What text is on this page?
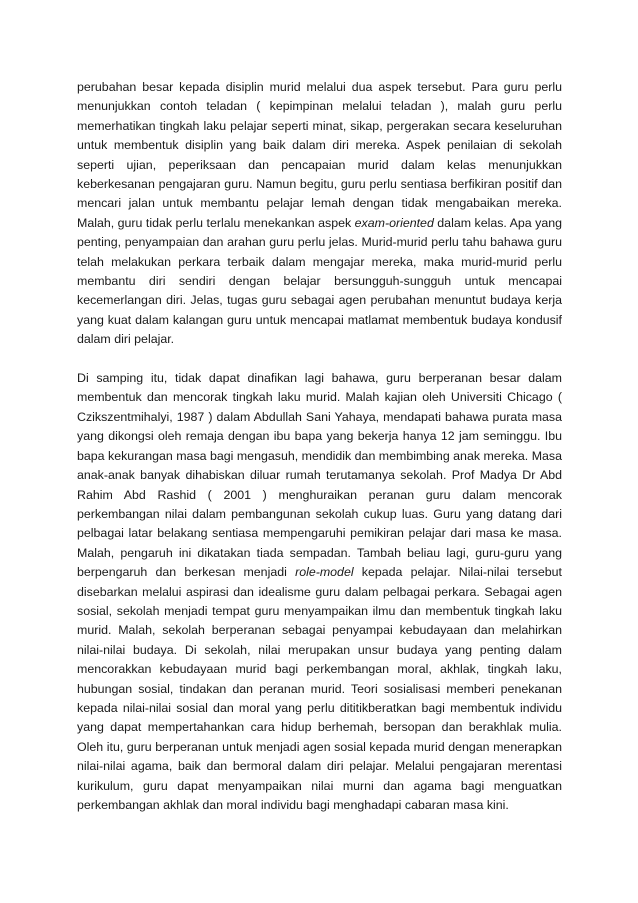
perubahan besar kepada disiplin murid melalui dua aspek tersebut. Para guru perlu menunjukkan contoh teladan ( kepimpinan melalui teladan ), malah guru perlu memerhatikan tingkah laku pelajar seperti minat, sikap, pergerakan secara keseluruhan untuk membentuk disiplin yang baik dalam diri mereka. Aspek penilaian di sekolah seperti ujian, peperiksaan dan pencapaian murid dalam kelas menunjukkan keberkesanan pengajaran guru. Namun begitu, guru perlu sentiasa berfikiran positif dan mencari jalan untuk membantu pelajar lemah dengan tidak mengabaikan mereka. Malah, guru tidak perlu terlalu menekankan aspek exam-oriented dalam kelas. Apa yang penting, penyampaian dan arahan guru perlu jelas. Murid-murid perlu tahu bahawa guru telah melakukan perkara terbaik dalam mengajar mereka, maka murid-murid perlu membantu diri sendiri dengan belajar bersungguh-sungguh untuk mencapai kecemerlangan diri. Jelas, tugas guru sebagai agen perubahan menuntut budaya kerja yang kuat dalam kalangan guru untuk mencapai matlamat membentuk budaya kondusif dalam diri pelajar.

Di samping itu, tidak dapat dinafikan lagi bahawa, guru berperanan besar dalam membentuk dan mencorak tingkah laku murid. Malah kajian oleh Universiti Chicago ( Czikszentmihalyi, 1987 ) dalam Abdullah Sani Yahaya, mendapati bahawa purata masa yang dikongsi oleh remaja dengan ibu bapa yang bekerja hanya 12 jam seminggu. Ibu bapa kekurangan masa bagi mengasuh, mendidik dan membimbing anak mereka. Masa anak-anak banyak dihabiskan diluar rumah terutamanya sekolah. Prof Madya Dr Abd Rahim Abd Rashid ( 2001 ) menghuraikan peranan guru dalam mencorak perkembangan nilai dalam pembangunan sekolah cukup luas. Guru yang datang dari pelbagai latar belakang sentiasa mempengaruhi pemikiran pelajar dari masa ke masa. Malah, pengaruh ini dikatakan tiada sempadan. Tambah beliau lagi, guru-guru yang berpengaruh dan berkesan menjadi role-model kepada pelajar. Nilai-nilai tersebut disebarkan melalui aspirasi dan idealisme guru dalam pelbagai perkara. Sebagai agen sosial, sekolah menjadi tempat guru menyampaikan ilmu dan membentuk tingkah laku murid. Malah, sekolah berperanan sebagai penyampai kebudayaan dan melahirkan nilai-nilai budaya. Di sekolah, nilai merupakan unsur budaya yang penting dalam mencorakkan kebudayaan murid bagi perkembangan moral, akhlak, tingkah laku, hubungan sosial, tindakan dan peranan murid. Teori sosialisasi memberi penekanan kepada nilai-nilai sosial dan moral yang perlu dititikberatkan bagi membentuk individu yang dapat mempertahankan cara hidup berhemah, bersopan dan berakhlak mulia. Oleh itu, guru berperanan untuk menjadi agen sosial kepada murid dengan menerapkan nilai-nilai agama, baik dan bermoral dalam diri pelajar. Melalui pengajaran merentasi kurikulum, guru dapat menyampaikan nilai murni dan agama bagi menguatkan perkembangan akhlak dan moral individu bagi menghadapi cabaran masa kini.
